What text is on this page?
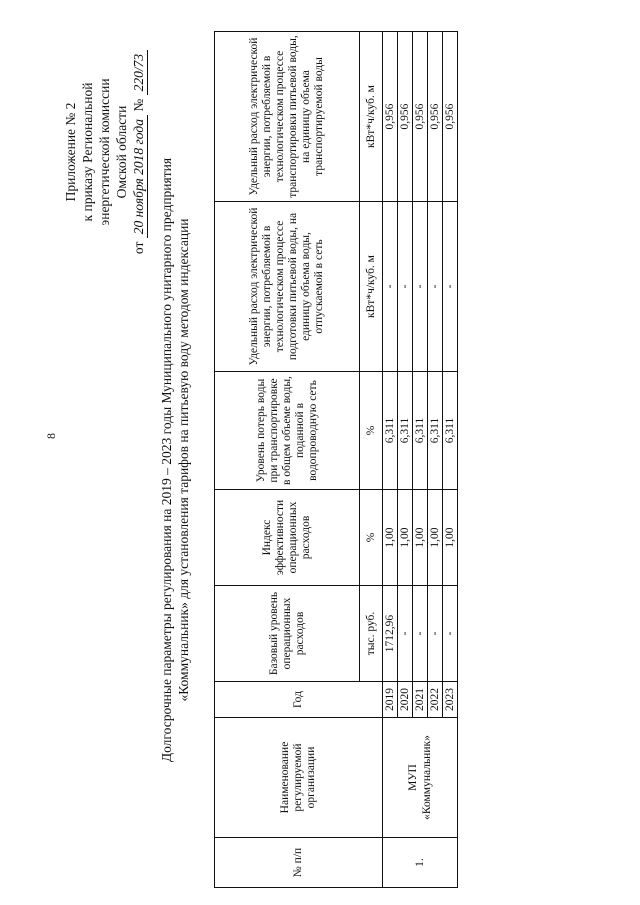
8
Приложение № 2 к приказу Региональной энергетической комиссии Омской области
от 20 ноября 2018 года № 220/73
Долгосрочные параметры регулирования на 2019 – 2023 годы Муниципального унитарного предприятия «Коммунальник» для установления тарифов на питьевую воду методом индексации
№ п/п	Наименование регулируемой организации	Год	Базовый уровень операционных расходов	Индекс эффективности операционных расходов	Уровень потерь воды при транспортировке в общем объеме воды, поданной в водопроводную сеть	Удельный расход электрической энергии, потребляемой в технологическом процессе подготовки питьевой воды, на единицу объема воды, отпускаемой в сеть	Удельный расход электрической энергии, потребляемой в технологическом процессе транспортировки питьевой воды, на единицу объема транспортируемой воды
			тыс. руб.	%	%	кВт*ч/куб. м	кВт*ч/куб. м
1.	МУП «Коммунальник»	2019	1712,96	1,00	6,311	-	0,956
		2020	-	1,00	6,311	-	0,956
		2021	-	1,00	6,311	-	0,956
		2022	-	1,00	6,311	-	0,956
		2023	-	1,00	6,311	-	0,956
